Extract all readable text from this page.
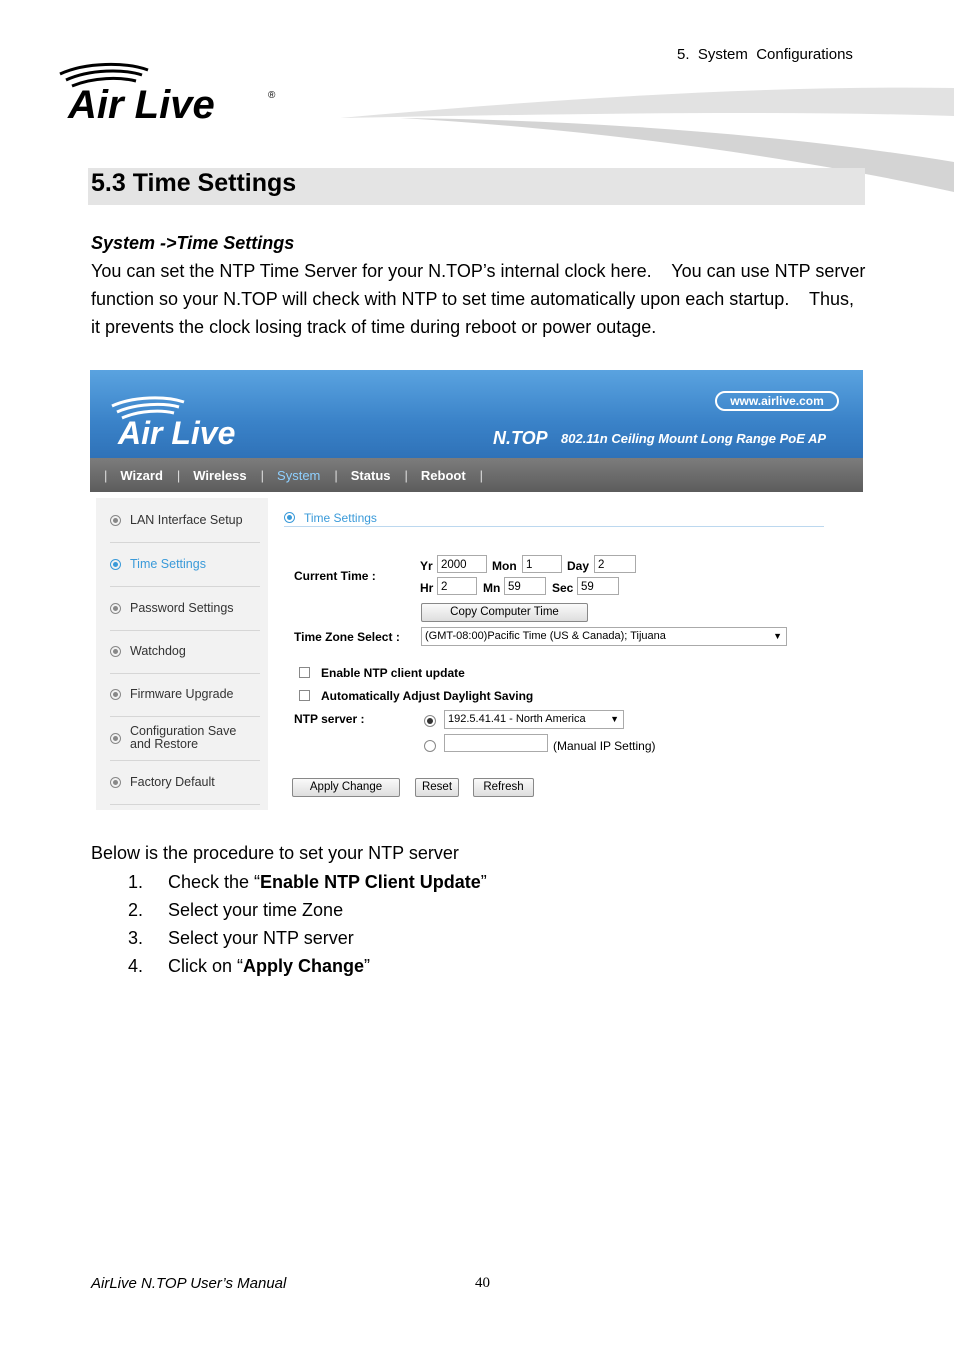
5.  System  Configurations
Air Live	®
5.3 Time Settings
System ->Time Settings

You can set the NTP Time Server for your N.TOP’s internal clock here.    You can use NTP server function so your N.TOP will check with NTP to set time automatically upon each startup.    Thus, it prevents the clock losing track of time during reboot or power outage.

Air Live
www.airlive.com
N.TOP 802.11n Ceiling Mount Long Range PoE AP
| Wizard | Wireless | System | Status | Reboot |
LAN Interface Setup
Time Settings
Password Settings
Watchdog
Firmware Upgrade
Configuration Save and Restore
Factory Default
Time Settings
Current Time :
Yr 2000	Mon 1	Day 2
Hr 2	Mn 59	Sec 59
Copy Computer Time
Time Zone Select :	(GMT-08:00)Pacific Time (US & Canada); Tijuana	▼
Enable NTP client update
Automatically Adjust Daylight Saving
NTP server :	192.5.41.41 - North America	▼
(Manual IP Setting)
Apply Change	Reset	Refresh
Below is the procedure to set your NTP server
1.	Check the “Enable NTP Client Update”
2.	Select your time Zone
3.	Select your NTP server
4.	Click on “Apply Change”
AirLive N.TOP User’s Manual	40
